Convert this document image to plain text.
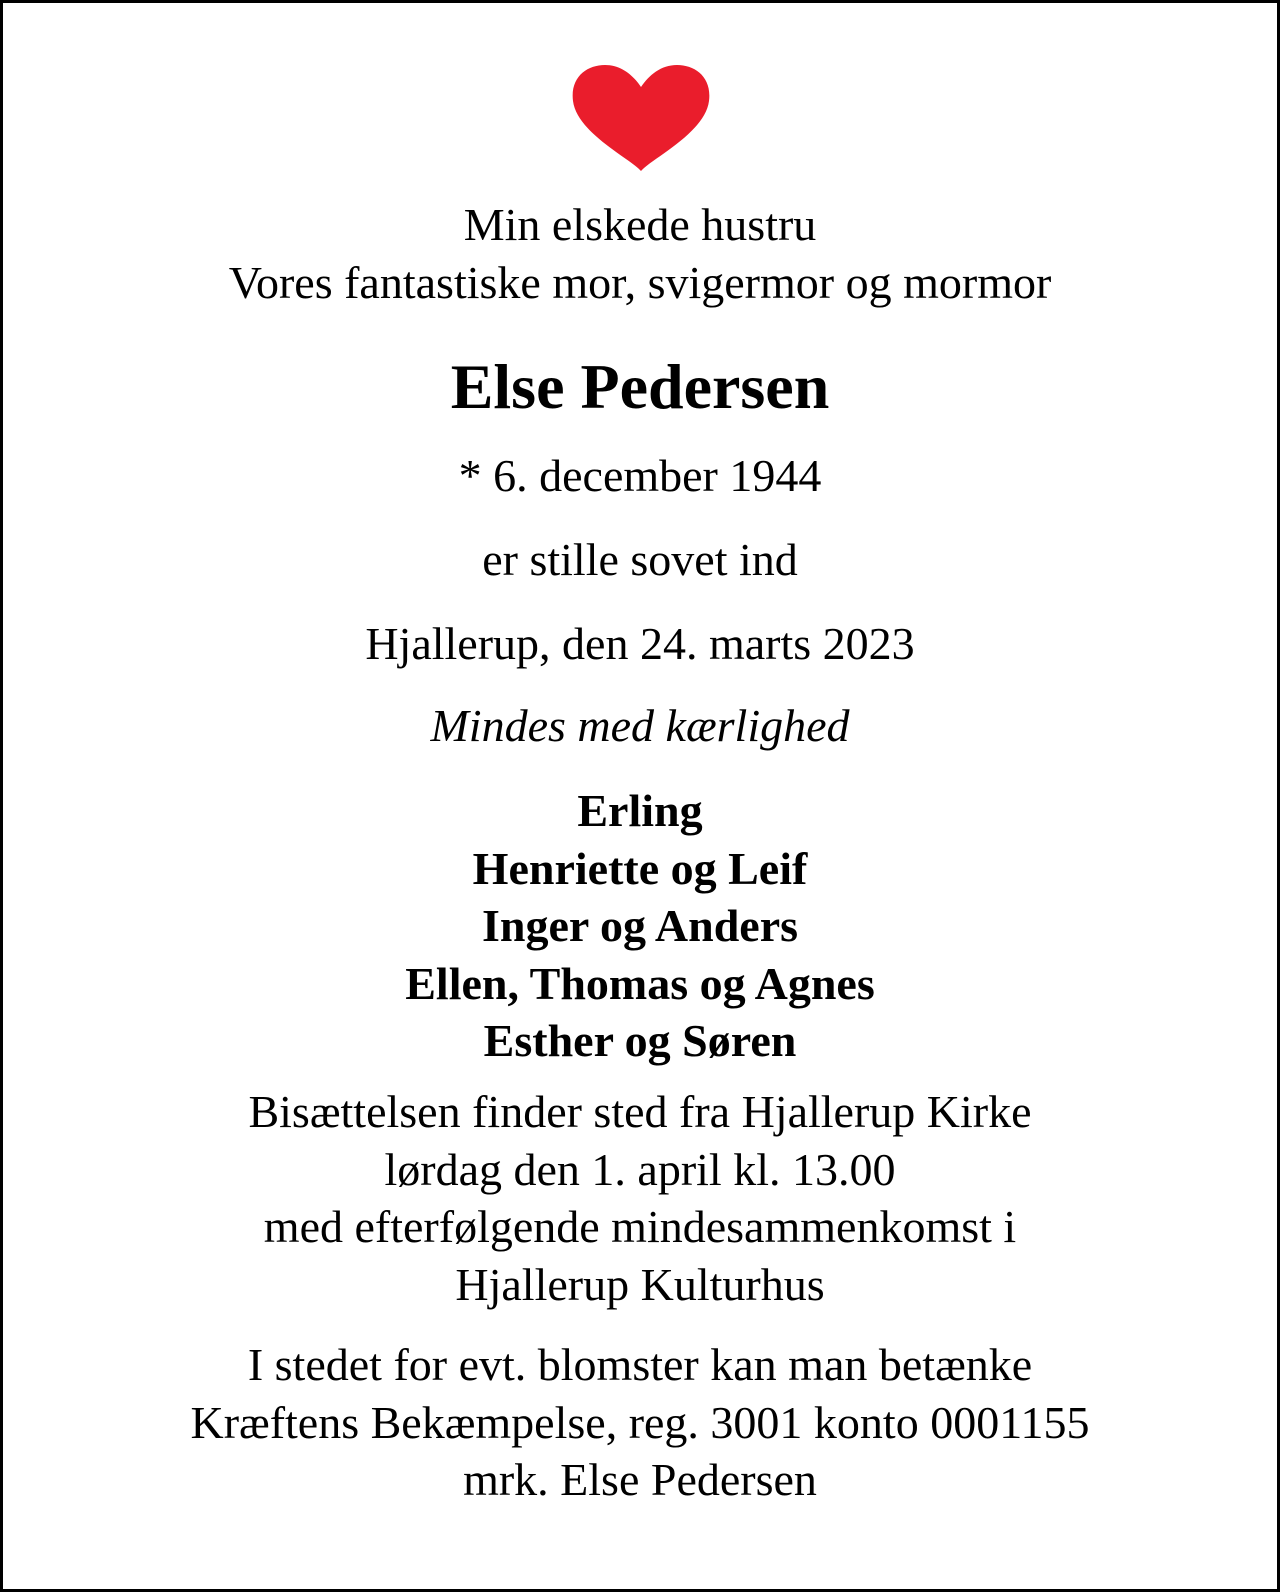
Min elskede hustru
Vores fantastiske mor, svigermor og mormor
Else Pedersen
* 6. december 1944
er stille sovet ind
Hjallerup, den 24. marts 2023
Mindes med kærlighed
Erling
Henriette og Leif
Inger og Anders
Ellen, Thomas og Agnes
Esther og Søren
Bisættelsen finder sted fra Hjallerup Kirke
lørdag den 1. april kl. 13.00
med efterfølgende mindesammenkomst i
Hjallerup Kulturhus
I stedet for evt. blomster kan man betænke
Kræftens Bekæmpelse, reg. 3001 konto 0001155
mrk. Else Pedersen
